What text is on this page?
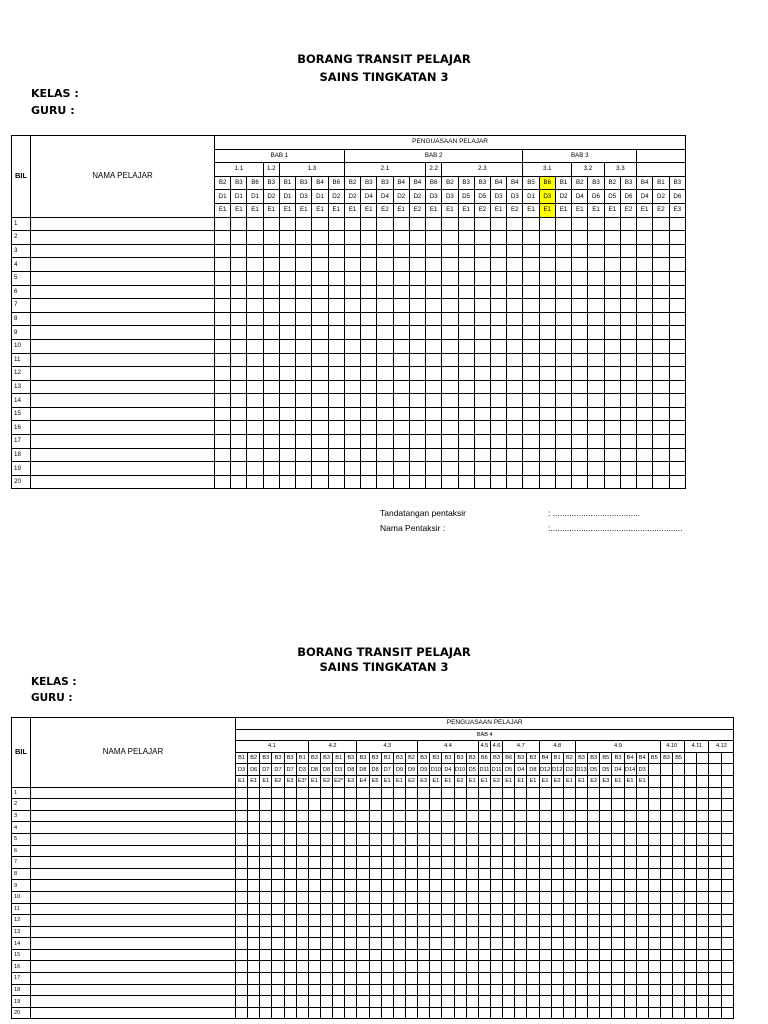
BORANG TRANSIT PELAJAR
SAINS TINGKATAN 3
KELAS :
GURU :
BIL	NAMA PELAJAR	PENGUASAAN PELAJAR																												
		BAB 1								BAB 2											BAB 3									
		1.1			1.2	1.3				2.1					2.2	2.3					3.1			3.2		3.3				
		B2	B3	B6	B3	B1	B3	B4	B6	B2	B3	B3	B4	B4	B6	B2	B3	B3	B4	B4	B5	B6	B1	B2	B3	B2	B3	B4	B1	B3
		D1	D1	D1	D2	D1	D3	D1	D2	D2	D4	D4	D2	D2	D3	D3	D5	D5	D3	D3	D1	D3	D2	D4	D6	D5	D6	D4	D2	D6
		E1	E1	E1	E1	E1	E1	E1	E1	E1	E1	E2	E1	E2	E1	E1	E1	E2	E1	E2	E1	E1	E1	E1	E1	E1	E2	E1	E2	E3
1																														
2																														
3																														
4																														
5																														
6																														
7																														
8																														
9																														
10																														
11																														
12																														
13																														
14																														
15																														
16																														
17																														
18																														
19																														
20																														
Tandatangan pentaksir	: .....................................
Nama Pentaksir :	:........................................................
BORANG TRANSIT PELAJAR
SAINS TINGKATAN 3
KELAS :
GURU :
BIL	NAMA PELAJAR	PENGUASAAN PELAJAR																																								
		BAB 4																																								
		4.1						4.2				4.3					4.4					4.5	4.6	4.7			4.8			4.9							4.10`		4.11		4.12	
		B1	B2	B3	B3	B3	B1	B3	B3	B1	B3	B3	B3	B1	B3	B2	B3	B3	B3	B3	B3	B6	B3	B6	B3	B3	B4	B1	B2	B3	B3	B5	B3	B4	B4	B5	B3	B5				
		D3	D6	D7	D7	D7	D3	D8	D8	D3	D8	D8	D8	D7	D9	D9	D9	D10	D4	D10	D5	D11	D11	D5	D4	D8	D12	D12	D2	D13	D5	D5	D4	D14	D3							
		E1	E1	E1	E2	E3	E3*	E1	E2	E2*	E3	E4	E5	E1	E1	E2	E3	E1	E1	E2	E1	E1	E2	E1	E1	E1	E1	E2	E1	E1	E2	E3	E1	E1	E1							
1																																										
2																																										
3																																										
4																																										
5																																										
6																																										
7																																										
8																																										
9																																										
10																																										
11																																										
12																																										
13																																										
14																																										
15																																										
16																																										
17																																										
18																																										
19																																										
20																																										
